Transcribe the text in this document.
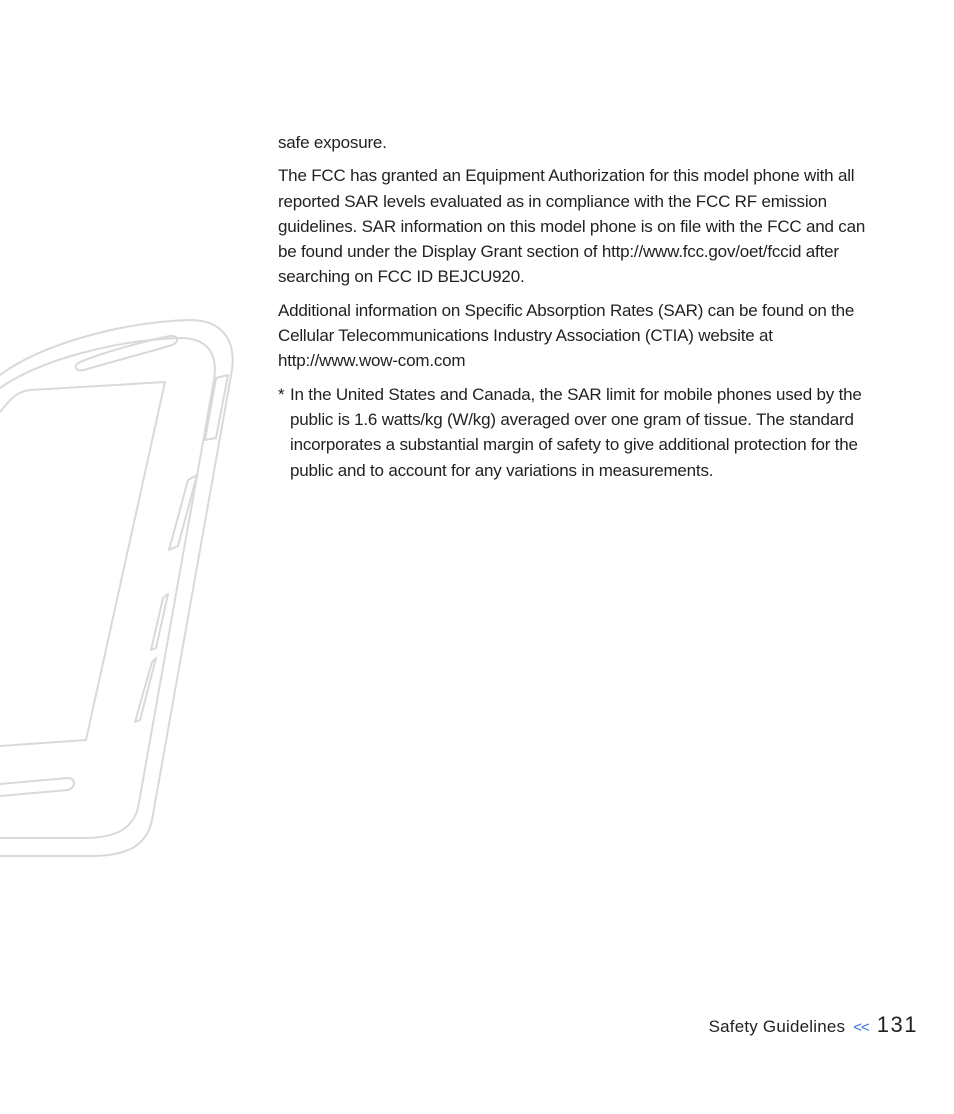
safe exposure.

The FCC has granted an Equipment Authorization for this model phone with all reported SAR levels evaluated as in compliance with the FCC RF emission guidelines. SAR information on this model phone is on file with the FCC and can be found under the Display Grant section of http://www.fcc.gov/oet/fccid after searching on FCC ID BEJCU920.

Additional information on Specific Absorption Rates (SAR) can be found on the Cellular Telecommunications Industry Association (CTIA) website at http://www.wow-com.com

* In the United States and Canada, the SAR limit for mobile phones used by the public is 1.6 watts/kg (W/kg) averaged over one gram of tissue. The standard incorporates a substantial margin of safety to give additional protection for the public and to account for any variations in measurements.
Safety Guidelines << 131
